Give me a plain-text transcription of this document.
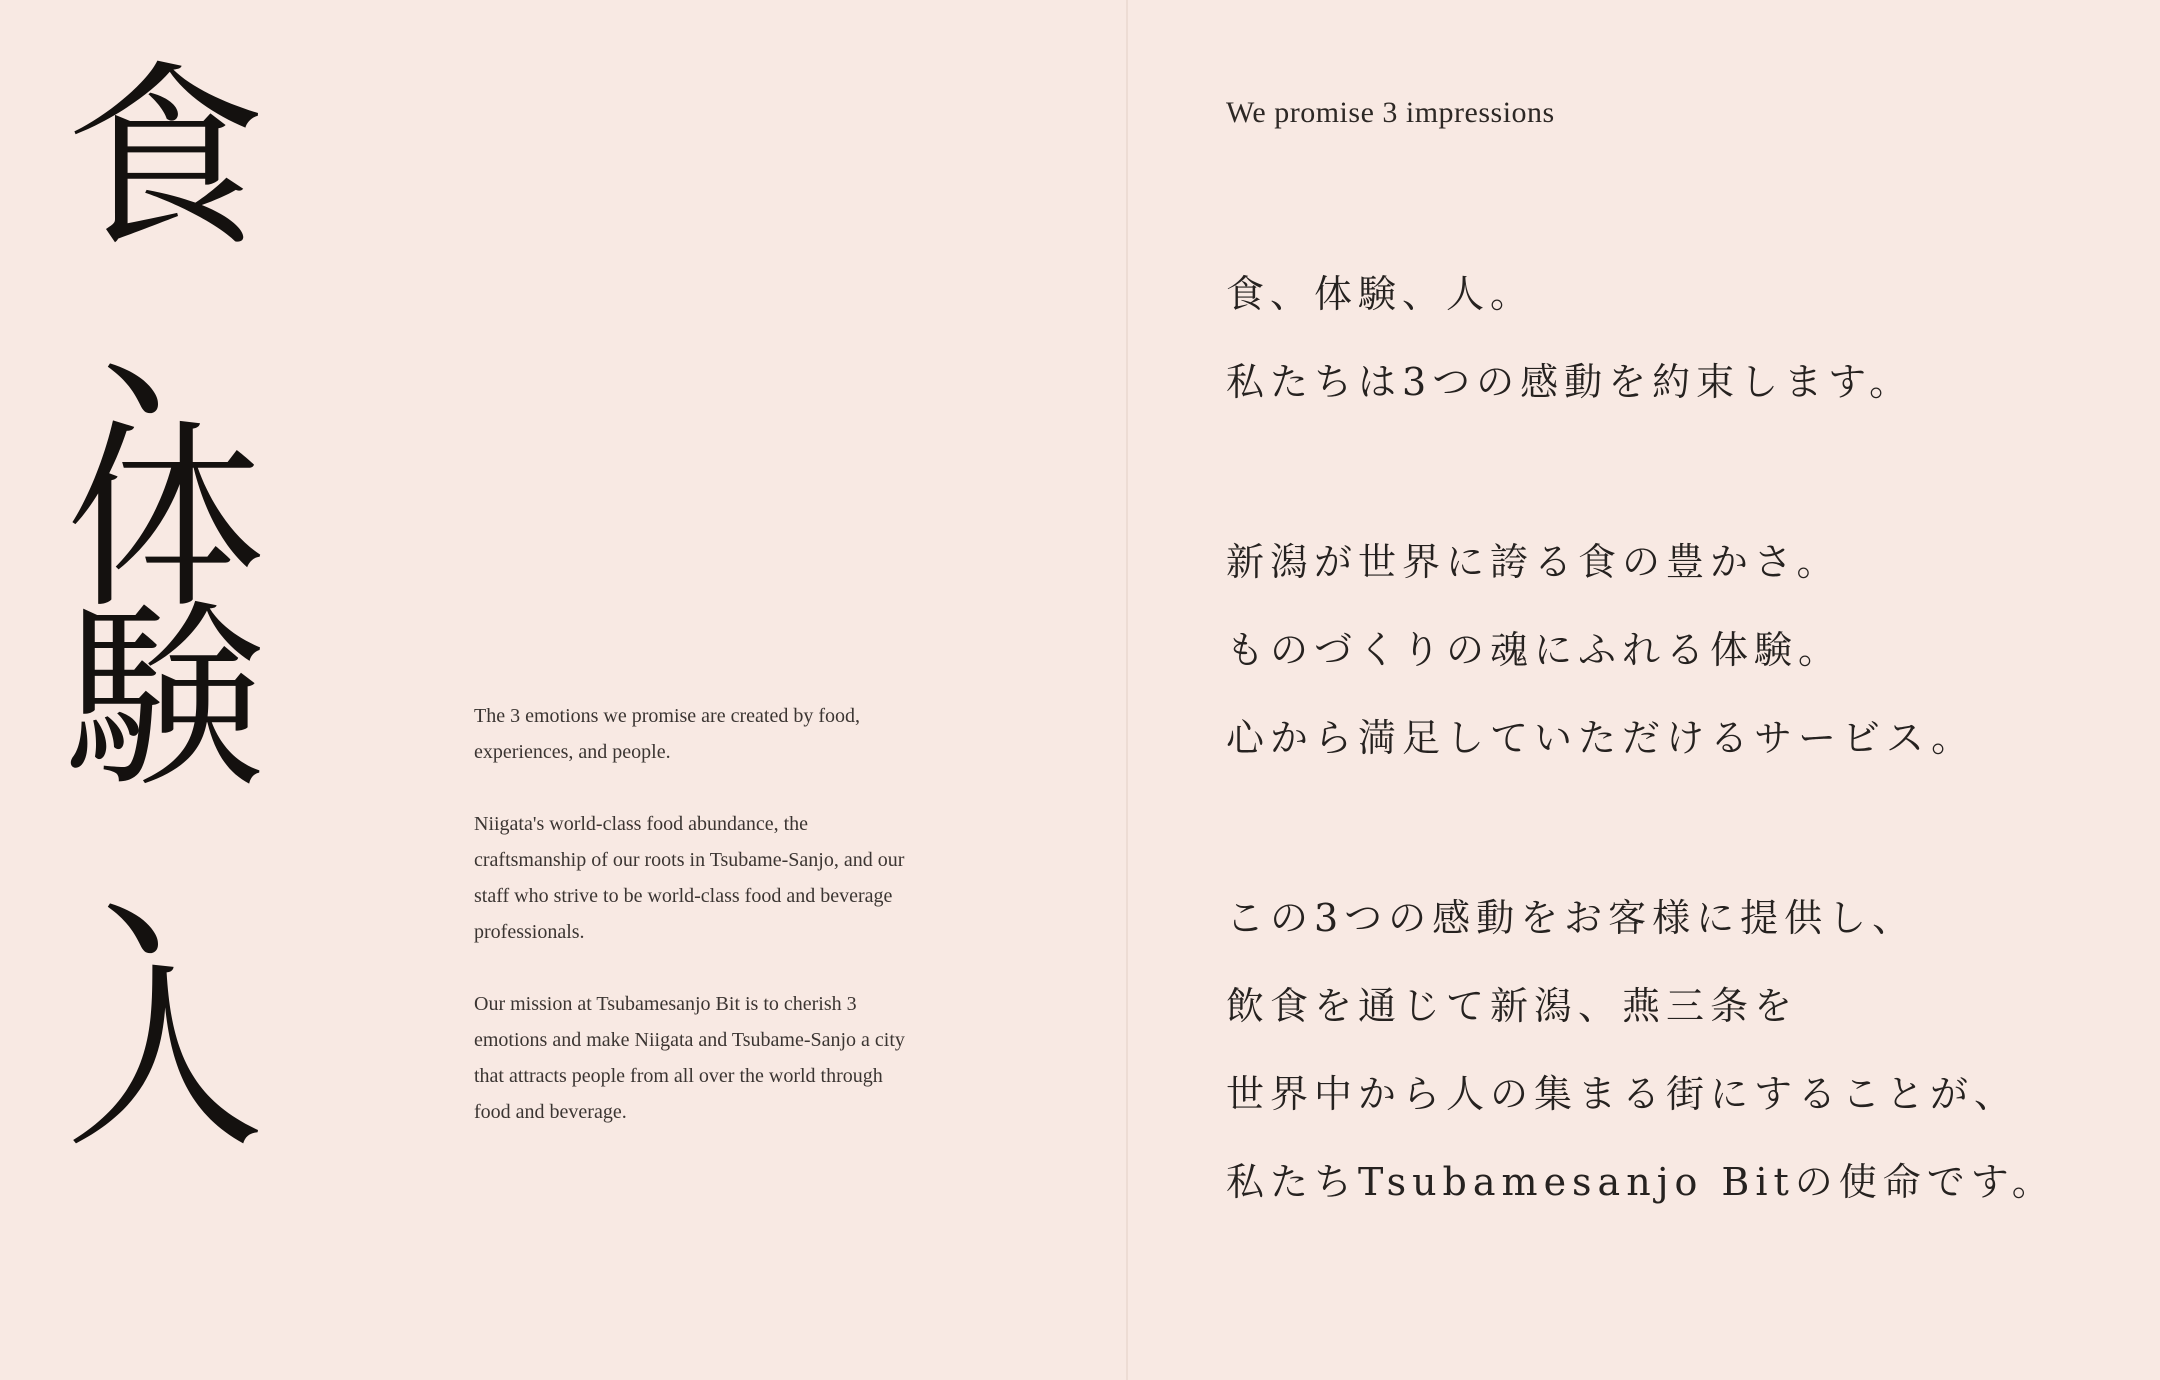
食
、
体
験
、
人

The 3 emotions we promise are created by food, experiences, and people.

Niigata's world-class food abundance, the craftsmanship of our roots in Tsubame-Sanjo, and our staff who strive to be world-class food and beverage professionals.

Our mission at Tsubamesanjo Bit is to cherish 3 emotions and make Niigata and Tsubame-Sanjo a city that attracts people from all over the world through food and beverage.

We promise 3 impressions
食、体験、人。
私たちは3つの感動を約束します。
新潟が世界に誇る食の豊かさ。
ものづくりの魂にふれる体験。
心から満足していただけるサービス。
この3つの感動をお客様に提供し、
飲食を通じて新潟、燕三条を
世界中から人の集まる街にすることが、
私たちTsubamesanjo Bitの使命です。
